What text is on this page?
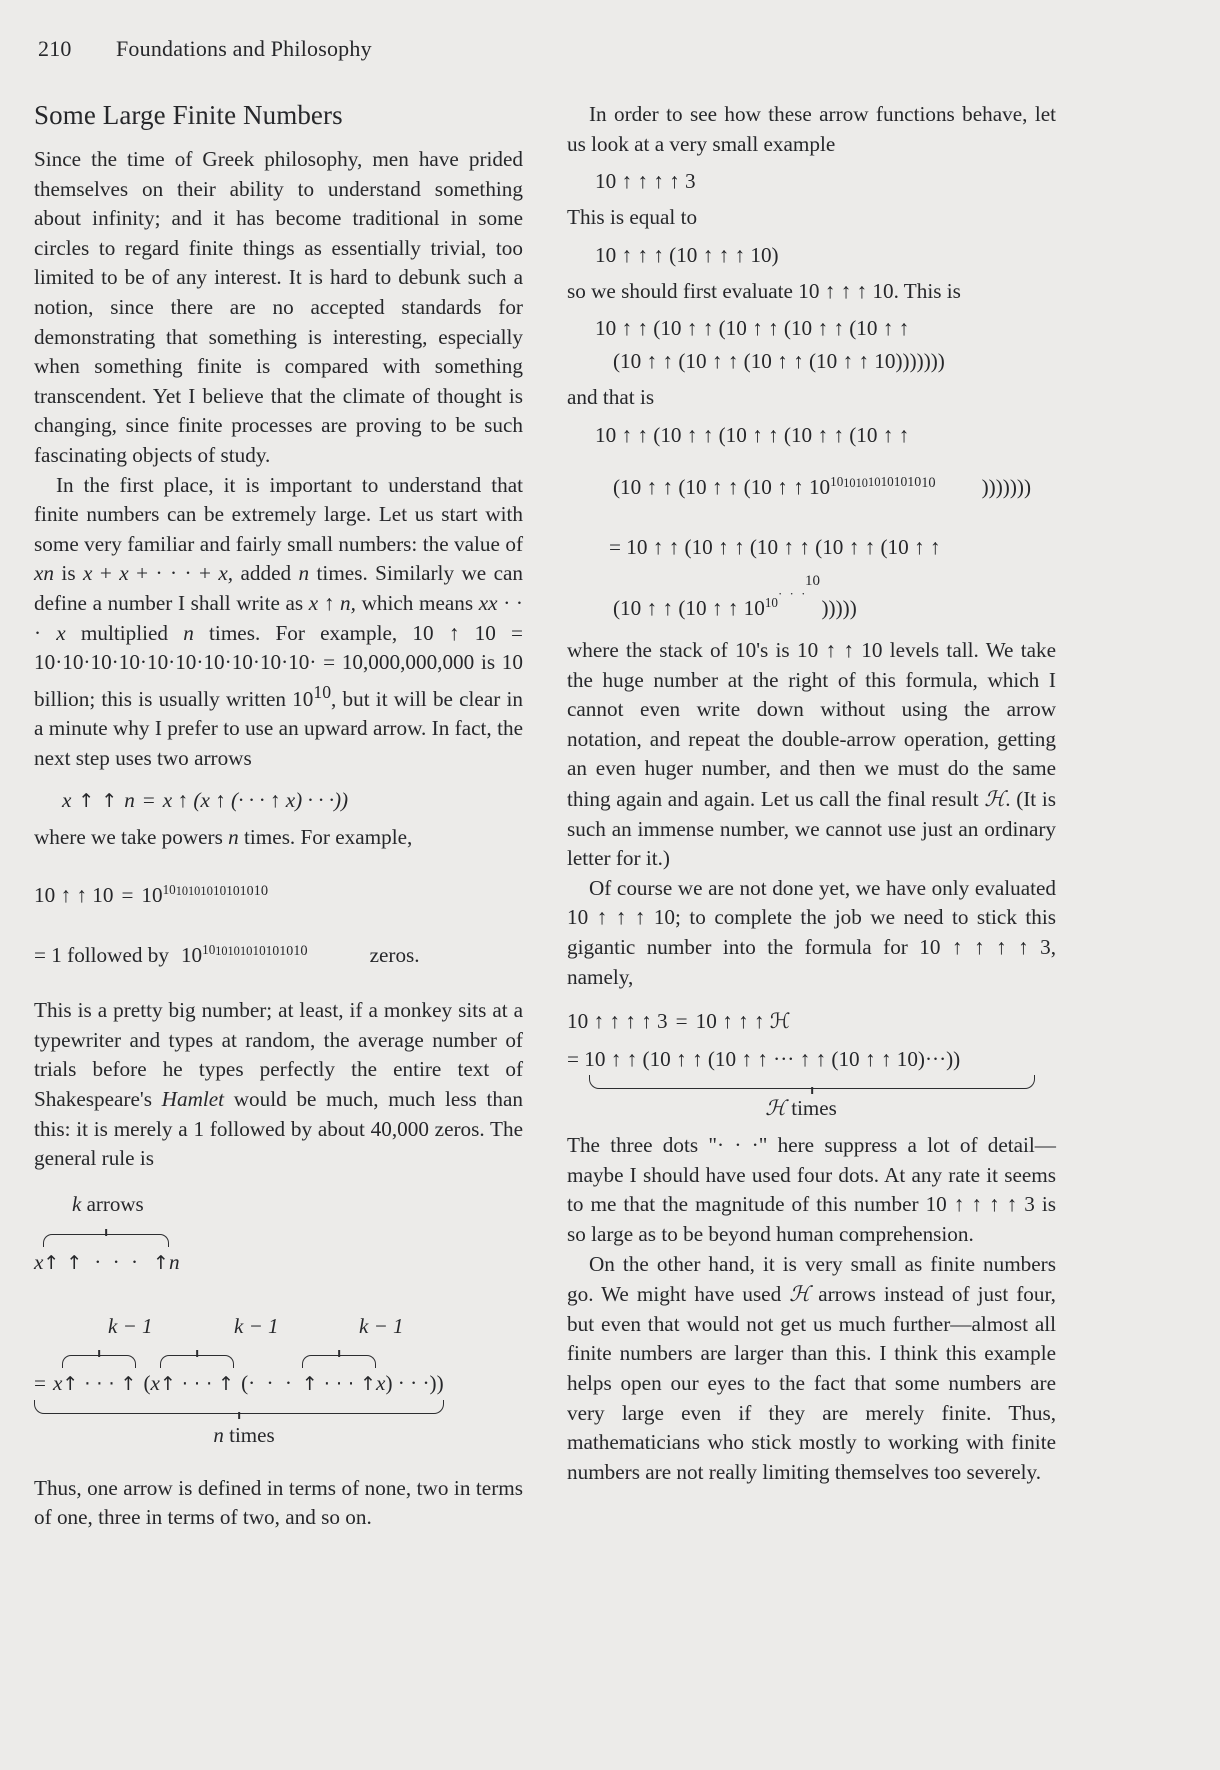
210	Foundations and Philosophy
Some Large Finite Numbers

Since the time of Greek philosophy, men have prided themselves on their ability to understand something about infinity; and it has become traditional in some circles to regard finite things as essentially trivial, too limited to be of any interest. It is hard to debunk such a notion, since there are no accepted standards for demonstrating that something is interesting, especially when something finite is compared with something transcendent. Yet I believe that the climate of thought is changing, since finite processes are proving to be such fascinating objects of study.

In the first place, it is important to understand that finite numbers can be extremely large. Let us start with some very familiar and fairly small numbers: the value of xn is x + x + · · · + x, added n times. Similarly we can define a number I shall write as x ↑ n, which means xx · · · x multiplied n times. For example, 10 ↑ 10 = 10·10·10·10·10·10·10·10·10·10· = 10,000,000,000 is 10 billion; this is usually written $10^{10}$, but it will be clear in a minute why I prefer to use an upward arrow. In fact, the next step uses two arrows

x ↑ ↑ n = x ↑ (x ↑ (· · · ↑ x) · · ·))

where we take powers n times. For example,

10 ↑ ↑ $10 = 10^{1010101010101010}$
= 1 followed by $10^{1010101010101010}$	zeros.

This is a pretty big number; at least, if a monkey sits at a typewriter and types at random, the average number of trials before he types perfectly the entire text of Shakespeare's Hamlet would be much, much less than this: it is merely a 1 followed by about 40,000 zeros. The general rule is

k arrows
x
↑ ↑ · · · ↑n
k − 1	k − 1	k − 1
= x
↑ · · · ↑ (x
↑ · · · ↑ (· · · ↑ · · · ↑x) · · ·))
n times

Thus, one arrow is defined in terms of none, two in terms of one, three in terms of two, and so on.

In order to see how these arrow functions behave, let us look at a very small example

10 ↑ ↑ ↑ ↑ 3

This is equal to

10 ↑ ↑ ↑ (10 ↑ ↑ ↑ 10)

so we should first evaluate 10 ↑ ↑ ↑ 10. This is

10 ↑ ↑ (10 ↑ ↑ (10 ↑ ↑ (10 ↑ ↑ (10 ↑ ↑
(10 ↑ ↑ (10 ↑ ↑ (10 ↑ ↑ (10 ↑ ↑ 10)))))))

and that is

10 ↑ ↑ (10 ↑ ↑ (10 ↑ ↑ (10 ↑ ↑ (10 ↑ ↑
(10 ↑ ↑ (10 ↑ ↑ (10 ↑ ↑ $10^{1010101010101010}$ )))))))
= 10 ↑ ↑ (10 ↑ ↑ (10 ↑ ↑ (10 ↑ ↑ (10 ↑ ↑
10
(10 ↑ ↑ (10 ↑ ↑ $10^{10\cdot \cdot \cdot}$)))))

where the stack of 10's is 10 ↑ ↑ 10 levels tall. We take the huge number at the right of this formula, which I cannot even write down without using the arrow notation, and repeat the double-arrow operation, getting an even huger number, and then we must do the same thing again and again. Let us call the final result ℋ. (It is such an immense number, we cannot use just an ordinary letter for it.)

Of course we are not done yet, we have only evaluated 10 ↑ ↑ ↑ 10; to complete the job we need to stick this gigantic number into the formula for 10 ↑ ↑ ↑ ↑ 3, namely,

10 ↑ ↑ ↑ ↑ 3 = 10 ↑ ↑ ↑ ℋ
= 10 ↑ ↑ (10 ↑ ↑ (10 ↑ ↑ ··· ↑ ↑ (10 ↑ ↑ 10)···))
ℋ times

The three dots "· · ·" here suppress a lot of detail—maybe I should have used four dots. At any rate it seems to me that the magnitude of this number 10 ↑ ↑ ↑ ↑ 3 is so large as to be beyond human comprehension.

On the other hand, it is very small as finite numbers go. We might have used ℋ arrows instead of just four, but even that would not get us much further—almost all finite numbers are larger than this. I think this example helps open our eyes to the fact that some numbers are very large even if they are merely finite. Thus, mathematicians who stick mostly to working with finite numbers are not really limiting themselves too severely.
